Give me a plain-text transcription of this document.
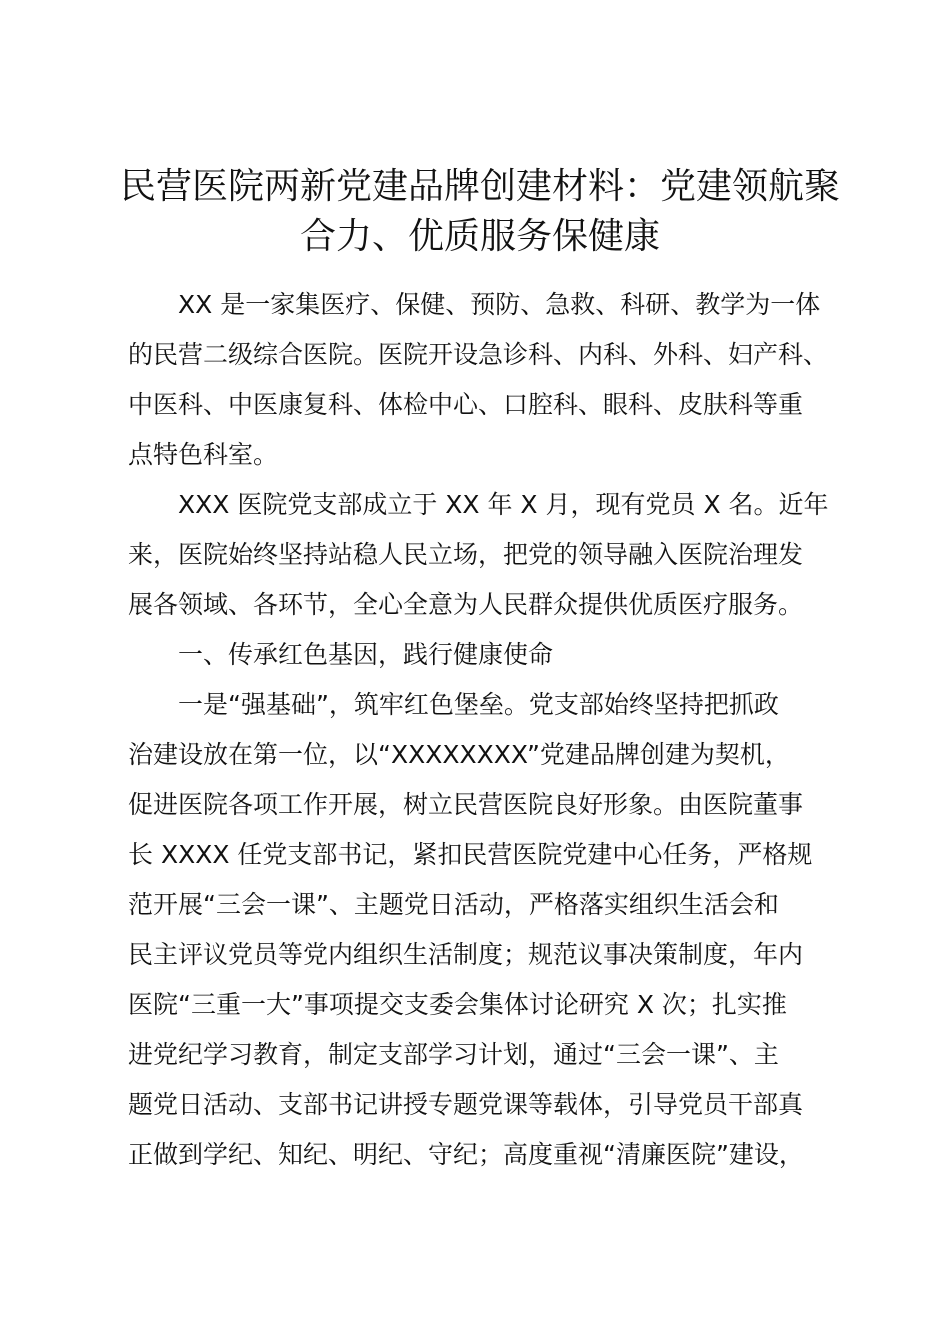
民营医院两新党建品牌创建材料：党建领航聚
合力、优质服务保健康
XX 是一家集医疗、保健、预防、急救、科研、教学为一体
的民营二级综合医院。医院开设急诊科、内科、外科、妇产科、
中医科、中医康复科、体检中心、口腔科、眼科、皮肤科等重
点特色科室。
XXX 医院党支部成立于 XX 年 X 月，现有党员 X 名。近年
来，医院始终坚持站稳人民立场，把党的领导融入医院治理发
展各领域、各环节，全心全意为人民群众提供优质医疗服务。
一、传承红色基因，践行健康使命
一是“强基础”，筑牢红色堡垒。党支部始终坚持把抓政
治建设放在第一位，以“XXXXXXXX”党建品牌创建为契机，
促进医院各项工作开展，树立民营医院良好形象。由医院董事
长 XXXX 任党支部书记，紧扣民营医院党建中心任务，严格规
范开展“三会一课”、主题党日活动，严格落实组织生活会和
民主评议党员等党内组织生活制度；规范议事决策制度，年内
医院“三重一大”事项提交支委会集体讨论研究 X 次；扎实推
进党纪学习教育，制定支部学习计划，通过“三会一课”、主
题党日活动、支部书记讲授专题党课等载体，引导党员干部真
正做到学纪、知纪、明纪、守纪；高度重视“清廉医院”建设，
